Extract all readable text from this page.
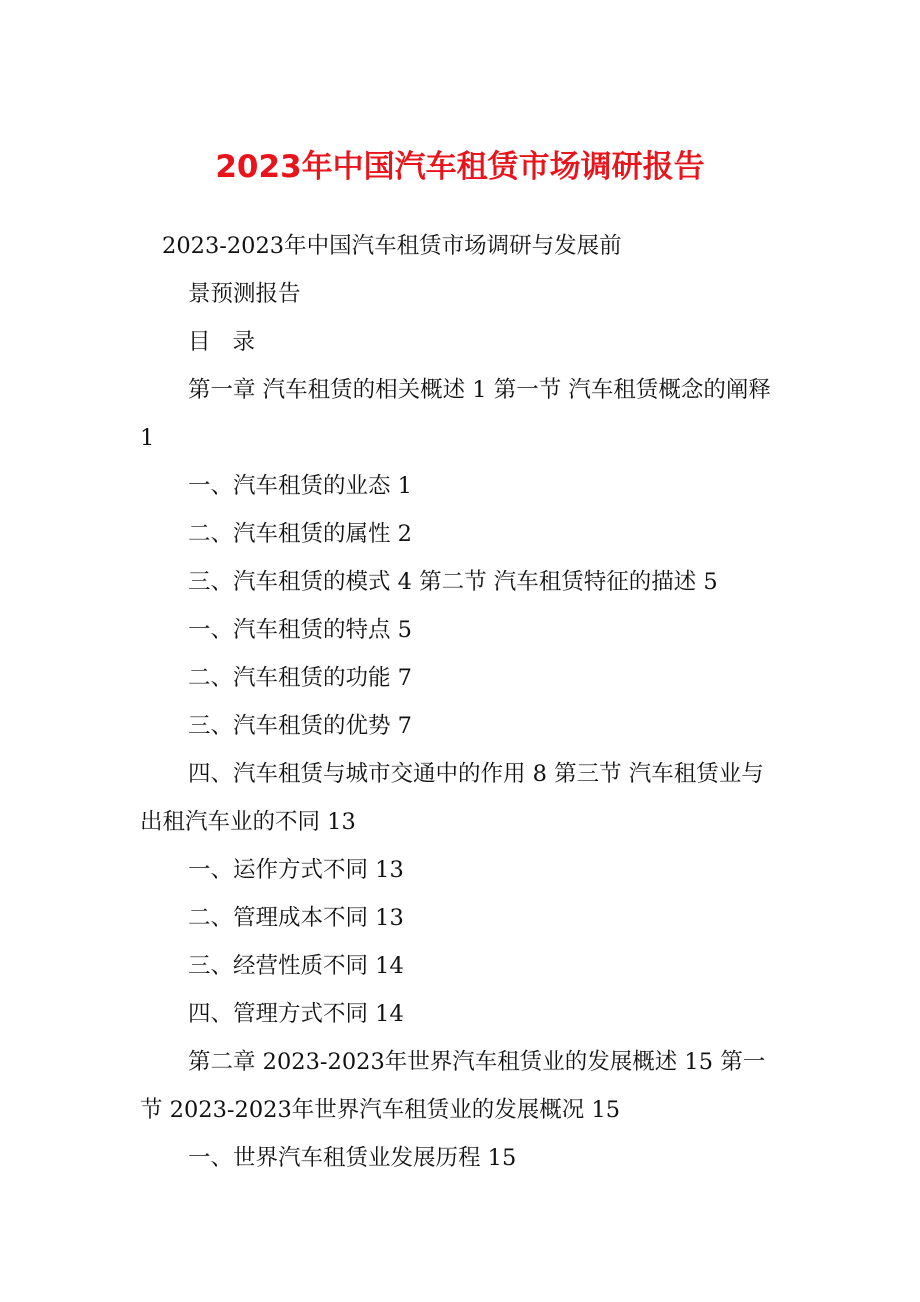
2023年中国汽车租赁市场调研报告

2023-2023年中国汽车租赁市场调研与发展前

景预测报告

目 录

第一章 汽车租赁的相关概述 1 第一节 汽车租赁概念的阐释 1

一、汽车租赁的业态 1

二、汽车租赁的属性 2

三、汽车租赁的模式 4 第二节 汽车租赁特征的描述 5

一、汽车租赁的特点 5

二、汽车租赁的功能 7

三、汽车租赁的优势 7

四、汽车租赁与城市交通中的作用 8 第三节 汽车租赁业与出租汽车业的不同 13

一、运作方式不同 13

二、管理成本不同 13

三、经营性质不同 14

四、管理方式不同 14

第二章 2023-2023年世界汽车租赁业的发展概述 15 第一节 2023-2023年世界汽车租赁业的发展概况 15

一、世界汽车租赁业发展历程 15
